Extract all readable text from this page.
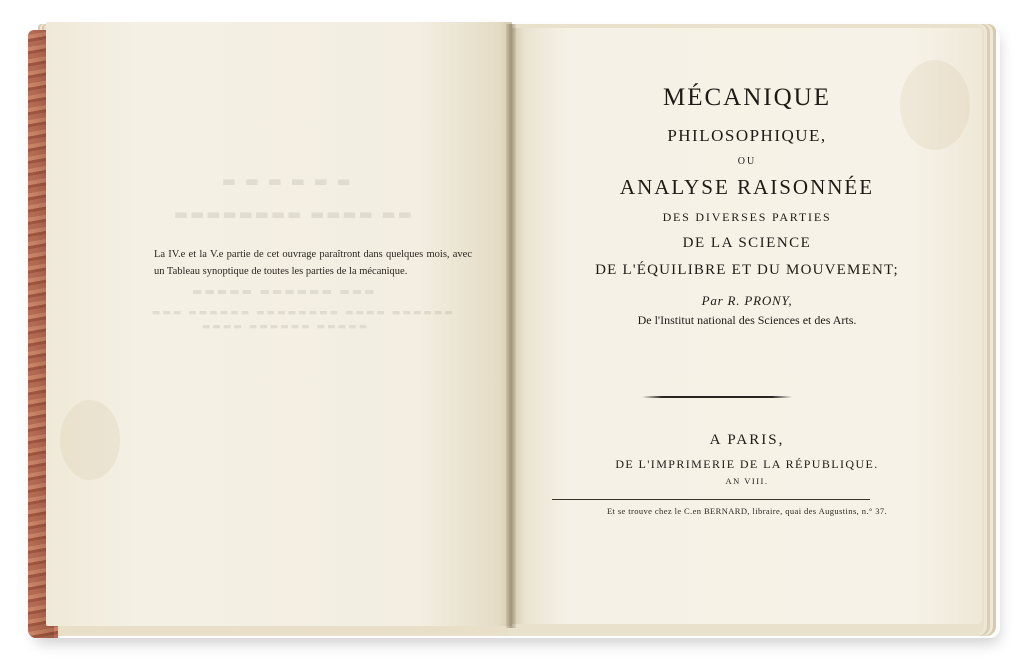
▬ ▬ ▬ ▬ ▬ ▬
▬▬ ▬▬▬▬ ▬▬▬▬▬▬▬▬
▬▬▬ ▬▬▬▬▬▬ ▬▬▬▬▬
▬▬▬▬▬▬ ▬▬▬▬ ▬▬▬▬▬▬▬▬ ▬▬▬▬▬▬ ▬▬▬
▬▬▬▬▬ ▬▬▬▬▬▬ ▬▬▬▬
La IV.e et la V.e partie de cet ouvrage paraîtront dans quelques mois, avec un Tableau synoptique de toutes les parties de la mécanique.
MÉCANIQUE
PHILOSOPHIQUE,
OU
ANALYSE RAISONNÉE
DES DIVERSES PARTIES
DE LA SCIENCE
DE L'ÉQUILIBRE ET DU MOUVEMENT;
Par R. PRONY,
De l'Institut national des Sciences et des Arts.
A PARIS,
DE L'IMPRIMERIE DE LA RÉPUBLIQUE.
AN VIII.
Et se trouve chez le C.en BERNARD, libraire, quai des Augustins, n.° 37.
